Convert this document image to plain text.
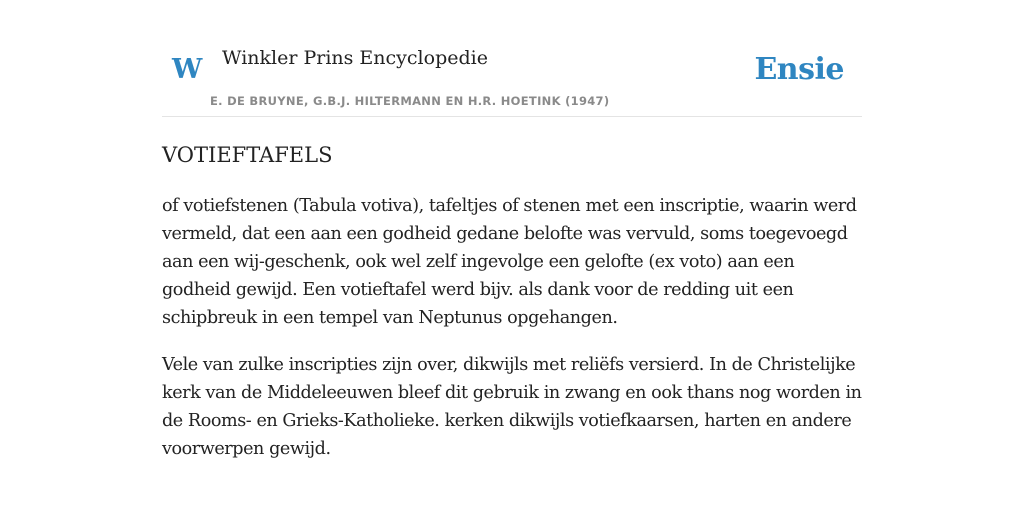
W Winkler Prins Encyclopedie
E. DE BRUYNE, G.B.J. HILTERMANN EN H.R. HOETINK (1947)
Ensie
VOTIEFTAFELS

of votiefstenen (Tabula votiva), tafeltjes of stenen met een inscriptie, waarin werd vermeld, dat een aan een godheid gedane belofte was vervuld, soms toegevoegd aan een wij-geschenk, ook wel zelf ingevolge een gelofte (ex voto) aan een godheid gewijd. Een votieftafel werd bijv. als dank voor de redding uit een schipbreuk in een tempel van Neptunus opgehangen.

Vele van zulke inscripties zijn over, dikwijls met reliëfs versierd. In de Christelijke kerk van de Middeleeuwen bleef dit gebruik in zwang en ook thans nog worden in de Rooms- en Grieks-Katholieke. kerken dikwijls votiefkaarsen, harten en andere voorwerpen gewijd.
